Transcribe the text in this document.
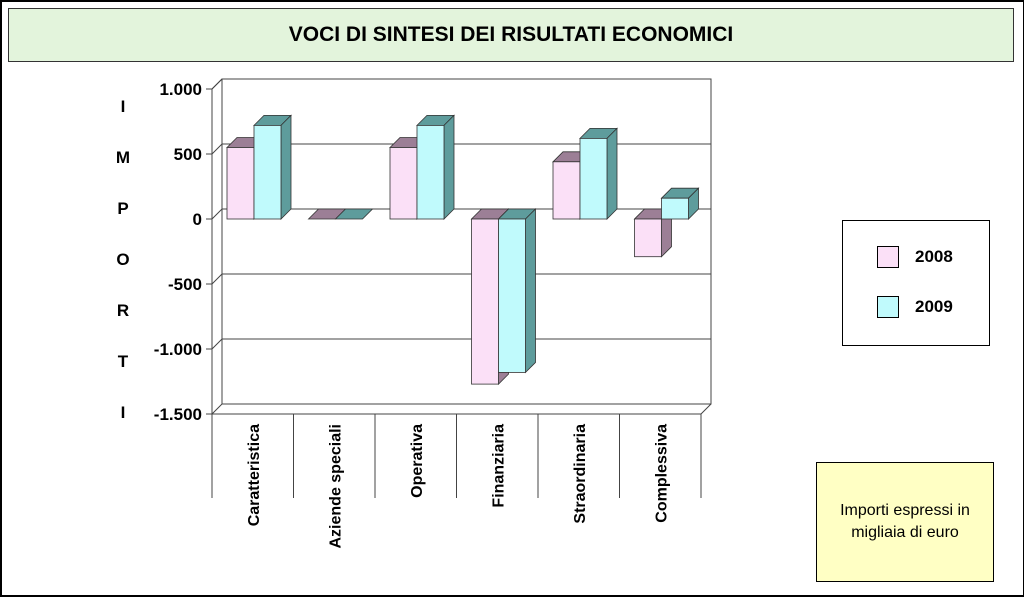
VOCI DI SINTESI DEI RISULTATI ECONOMICI
I
M
P
O
R
T
I
1.000
500
0
-500
-1.000
-1.500
Caratteristica	Aziende speciali	Operativa	Finanziaria	Straordinaria	Complessiva
2008
2009
Importi espressi in migliaia di euro
